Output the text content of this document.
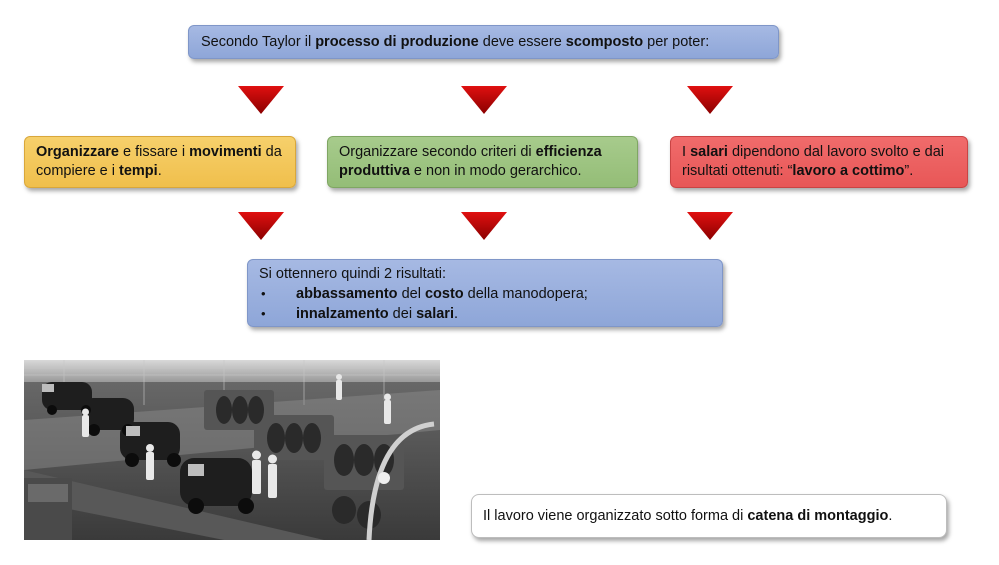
Secondo Taylor il processo di produzione deve essere scomposto per poter:
Organizzare e fissare i movimenti da compiere e i tempi.
Organizzare secondo criteri di efficienza produttiva e non in modo gerarchico.
I salari dipendono dal lavoro svolto e dai risultati ottenuti: “lavoro a cottimo”.
Si ottennero quindi 2 risultati:
•	abbassamento del costo della manodopera;
•	innalzamento dei salari.
Il lavoro viene organizzato sotto forma di catena di montaggio.
